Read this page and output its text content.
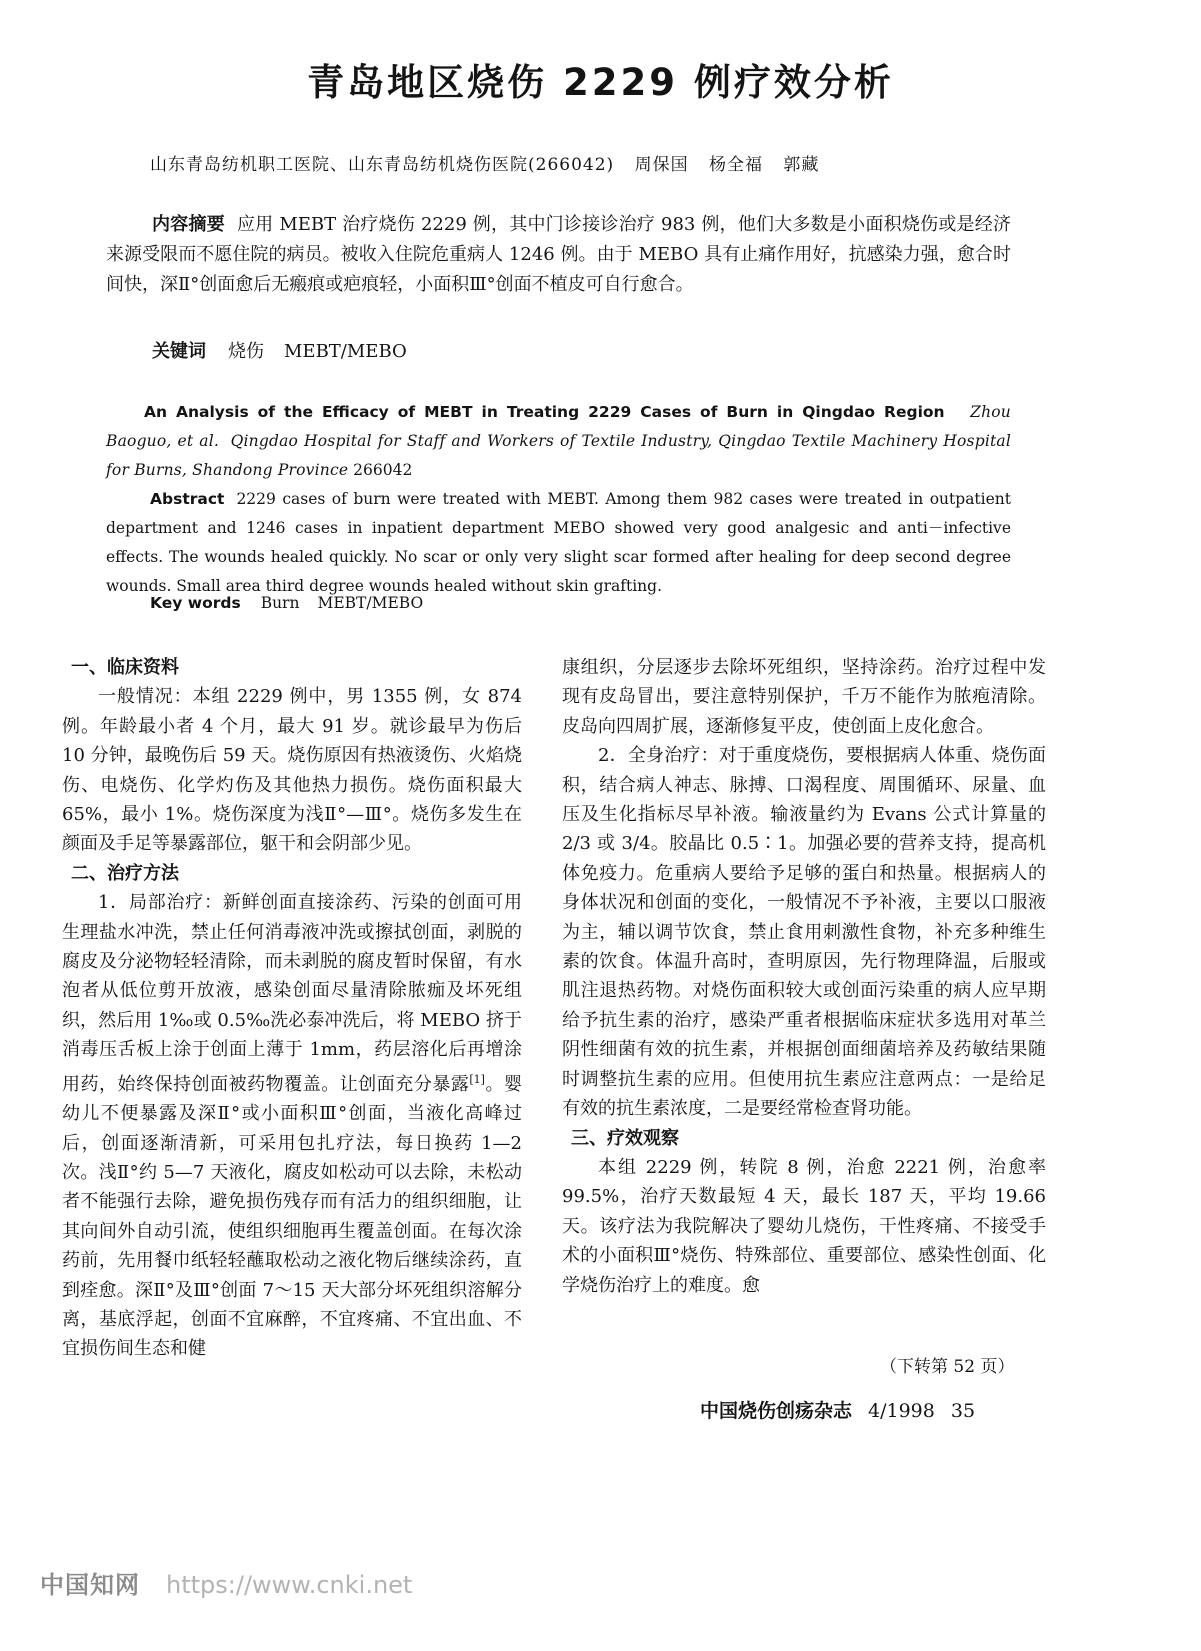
青岛地区烧伤 2229 例疗效分析
山东青岛纺机职工医院、山东青岛纺机烧伤医院(266042) 周保国 杨全福 郭藏
内容摘要 应用 MEBT 治疗烧伤 2229 例，其中门诊接诊治疗 983 例，他们大多数是小面积烧伤或是经济来源受限而不愿住院的病员。被收入住院危重病人 1246 例。由于 MEBO 具有止痛作用好，抗感染力强，愈合时间快，深Ⅱ°创面愈后无瘢痕或疤痕轻，小面积Ⅲ°创面不植皮可自行愈合。
关键词 烧伤 MEBT/MEBO
An Analysis of the Efficacy of MEBT in Treating 2229 Cases of Burn in Qingdao Region Zhou Baoguo, et al. Qingdao Hospital for Staff and Workers of Textile Industry, Qingdao Textile Machinery Hospital for Burns, Shandong Province 266042
Abstract 2229 cases of burn were treated with MEBT. Among them 982 cases were treated in outpatient department and 1246 cases in inpatient department MEBO showed very good analgesic and anti－infective effects. The wounds healed quickly. No scar or only very slight scar formed after healing for deep second degree wounds. Small area third degree wounds healed without skin grafting.
Key words Burn MEBT/MEBO
一、临床资料

一般情况：本组 2229 例中，男 1355 例，女 874 例。年龄最小者 4 个月，最大 91 岁。就诊最早为伤后 10 分钟，最晚伤后 59 天。烧伤原因有热液烫伤、火焰烧伤、电烧伤、化学灼伤及其他热力损伤。烧伤面积最大 65%，最小 1%。烧伤深度为浅Ⅱ°—Ⅲ°。烧伤多发生在颜面及手足等暴露部位，躯干和会阴部少见。

二、治疗方法

1．局部治疗：新鲜创面直接涂药、污染的创面可用生理盐水冲洗，禁止任何消毒液冲洗或擦拭创面，剥脱的腐皮及分泌物轻轻清除，而未剥脱的腐皮暂时保留，有水泡者从低位剪开放液，感染创面尽量清除脓痂及坏死组织，然后用 1‰或 0.5‰洗必泰冲洗后，将 MEBO 挤于消毒压舌板上涂于创面上薄于 1mm，药层溶化后再增涂用药，始终保持创面被药物覆盖。让创面充分暴露[1]。婴幼儿不便暴露及深Ⅱ°或小面积Ⅲ°创面，当液化高峰过后，创面逐渐清新，可采用包扎疗法，每日换药 1—2 次。浅Ⅱ°约 5—7 天液化，腐皮如松动可以去除，未松动者不能强行去除，避免损伤残存而有活力的组织细胞，让其向间外自动引流，使组织细胞再生覆盖创面。在每次涂药前，先用餐巾纸轻轻蘸取松动之液化物后继续涂药，直到痊愈。深Ⅱ°及Ⅲ°创面 7～15 天大部分坏死组织溶解分离，基底浮起，创面不宜麻醉，不宜疼痛、不宜出血、不宜损伤间生态和健

康组织，分层逐步去除坏死组织，坚持涂药。治疗过程中发现有皮岛冒出，要注意特别保护，千万不能作为脓疱清除。皮岛向四周扩展，逐渐修复平皮，使创面上皮化愈合。

2．全身治疗：对于重度烧伤，要根据病人体重、烧伤面积，结合病人神志、脉搏、口渴程度、周围循环、尿量、血压及生化指标尽早补液。输液量约为 Evans 公式计算量的 2/3 或 3/4。胶晶比 0.5∶1。加强必要的营养支持，提高机体免疫力。危重病人要给予足够的蛋白和热量。根据病人的身体状况和创面的变化，一般情况不予补液，主要以口服液为主，辅以调节饮食，禁止食用刺激性食物，补充多种维生素的饮食。体温升高时，查明原因，先行物理降温，后服或肌注退热药物。对烧伤面积较大或创面污染重的病人应早期给予抗生素的治疗，感染严重者根据临床症状多选用对革兰阴性细菌有效的抗生素，并根据创面细菌培养及药敏结果随时调整抗生素的应用。但使用抗生素应注意两点：一是给足有效的抗生素浓度，二是要经常检查肾功能。

三、疗效观察

本组 2229 例，转院 8 例，治愈 2221 例，治愈率 99.5%，治疗天数最短 4 天，最长 187 天，平均 19.66 天。该疗法为我院解决了婴幼儿烧伤，干性疼痛、不接受手术的小面积Ⅲ°烧伤、特殊部位、重要部位、感染性创面、化学烧伤治疗上的难度。愈

（下转第 52 页）
中国烧伤创疡杂志 4/1998 35
中国知网 https://www.cnki.net
